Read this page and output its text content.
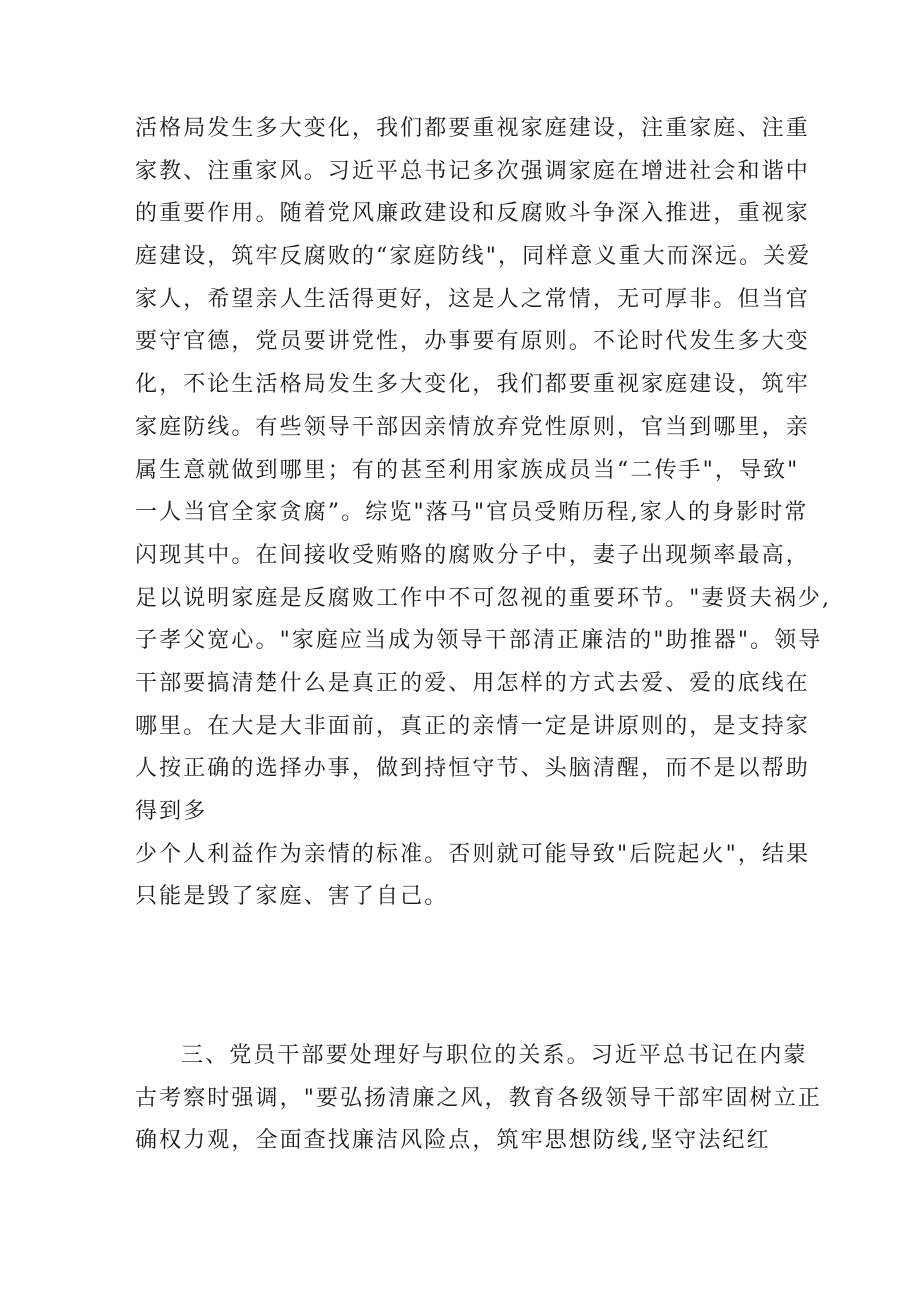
活格局发生多大变化，我们都要重视家庭建设，注重家庭、注重
家教、注重家风。习近平总书记多次强调家庭在增进社会和谐中
的重要作用。随着党风廉政建设和反腐败斗争深入推进，重视家
庭建设，筑牢反腐败的“家庭防线"，同样意义重大而深远。关爱
家人，希望亲人生活得更好，这是人之常情，无可厚非。但当官
要守官德，党员要讲党性，办事要有原则。不论时代发生多大变
化，不论生活格局发生多大变化，我们都要重视家庭建设，筑牢
家庭防线。有些领导干部因亲情放弃党性原则，官当到哪里，亲
属生意就做到哪里；有的甚至利用家族成员当“二传手"，导致"
一人当官全家贪腐”。综览"落马"官员受贿历程,家人的身影时常
闪现其中。在间接收受贿赂的腐败分子中，妻子出现频率最高，
足以说明家庭是反腐败工作中不可忽视的重要环节。"妻贤夫祸少,
子孝父宽心。"家庭应当成为领导干部清正廉洁的"助推器"。领导
干部要搞清楚什么是真正的爱、用怎样的方式去爱、爱的底线在
哪里。在大是大非面前，真正的亲情一定是讲原则的，是支持家
人按正确的选择办事，做到持恒守节、头脑清醒，而不是以帮助
得到多
少个人利益作为亲情的标准。否则就可能导致"后院起火"，结果
只能是毁了家庭、害了自己。
三、党员干部要处理好与职位的关系。习近平总书记在内蒙
古考察时强调，"要弘扬清廉之风，教育各级领导干部牢固树立正
确权力观，全面查找廉洁风险点，筑牢思想防线,坚守法纪红
